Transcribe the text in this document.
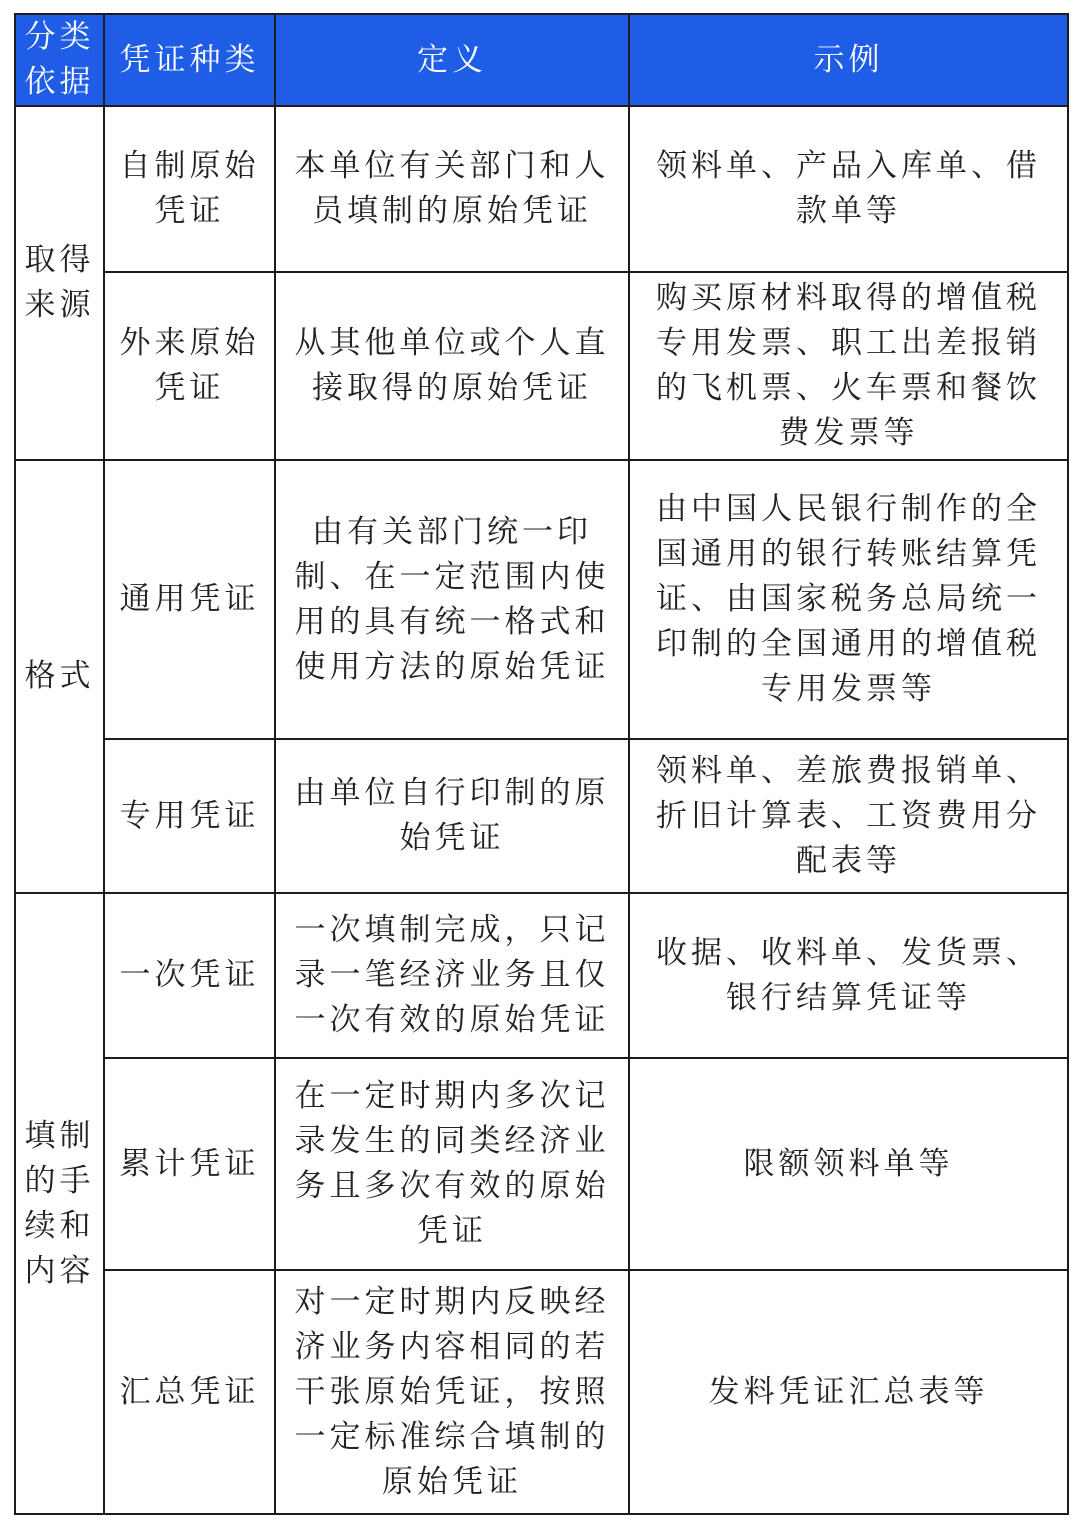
分类依据	凭证种类	定义	示例
取得来源	自制原始凭证	本单位有关部门和人员填制的原始凭证	领料单、产品入库单、借款单等
	外来原始凭证	从其他单位或个人直接取得的原始凭证	购买原材料取得的增值税专用发票、职工出差报销的飞机票、火车票和餐饮费发票等
格式	通用凭证	由有关部门统一印制、在一定范围内使用的具有统一格式和使用方法的原始凭证	由中国人民银行制作的全国通用的银行转账结算凭证、由国家税务总局统一印制的全国通用的增值税专用发票等
	专用凭证	由单位自行印制的原始凭证	领料单、差旅费报销单、折旧计算表、工资费用分配表等
填制的手续和内容	一次凭证	一次填制完成，只记录一笔经济业务且仅一次有效的原始凭证	收据、收料单、发货票、银行结算凭证等
	累计凭证	在一定时期内多次记录发生的同类经济业务且多次有效的原始凭证	限额领料单等
	汇总凭证	对一定时期内反映经济业务内容相同的若干张原始凭证，按照一定标准综合填制的原始凭证	发料凭证汇总表等
